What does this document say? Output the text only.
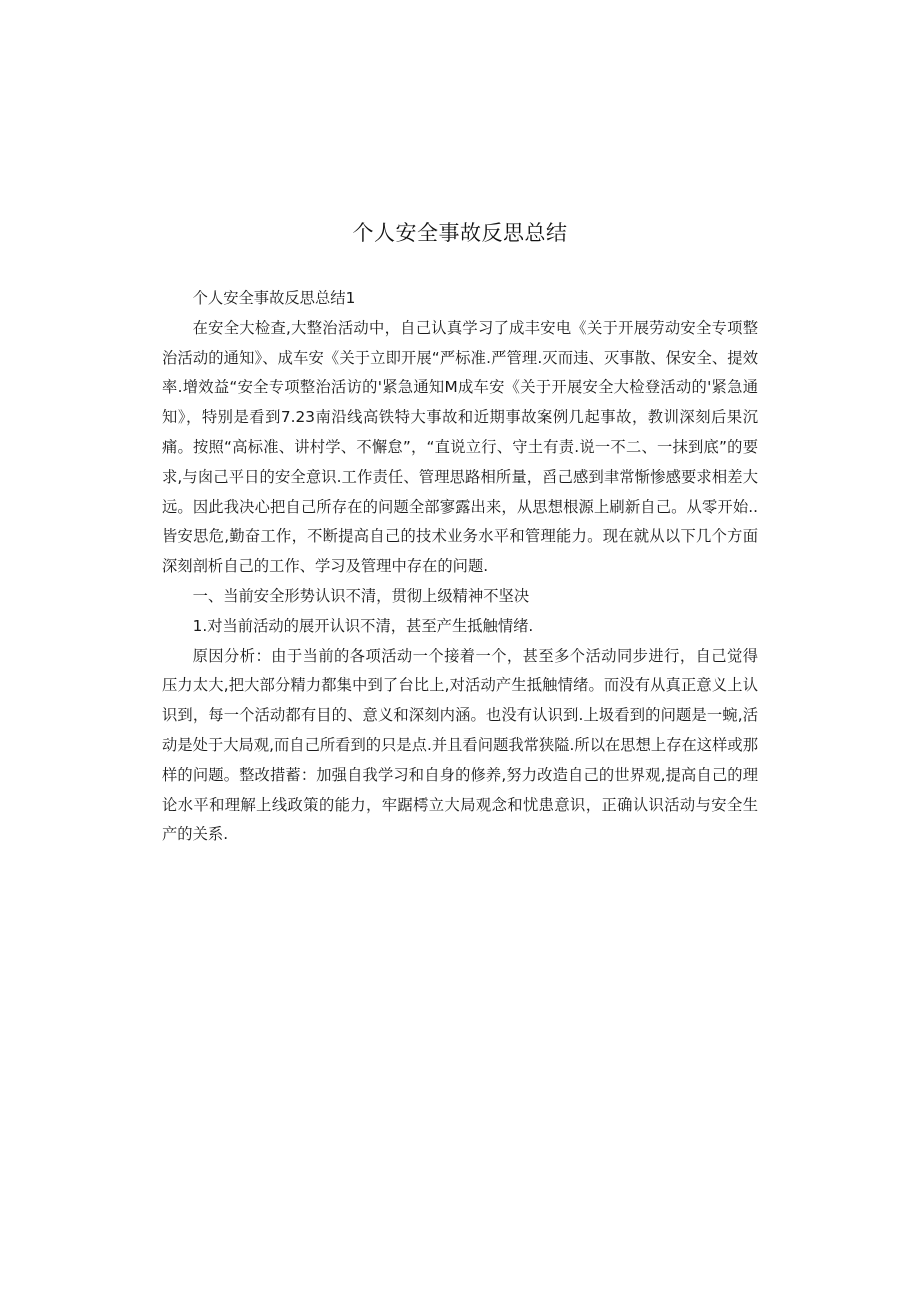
个人安全事故反思总结

个人安全事故反思总结1

在安全大检查,大整治活动中，自己认真学习了成丰安电《关于开展劳动安全专项整治活动的通知》、成车安《关于立即开展“严标准.严管理.灭而违、灭事散、保安全、提效率.增效益“安全专项整治活访的'紧急通知M成车安《关于开展安全大检登活动的'紧急通知》，特别是看到7.23南沿线高铁特大事故和近期事故案例几起事故，教训深刻后果沉痛。按照“高标准、讲村学、不懈怠”，“直说立行、守土有责.说一不二、一抹到底”的要求,与囱己平日的安全意识.工作责任、管理思路相所量，舀己感到聿常惭惨感要求相差大远。因此我决心把自己所存在的问题全部寥露出来，从思想根源上刷新自己。从零开始..皆安思危,勤奋工作，不断提高自己的技术业务水平和管理能力。现在就从以下几个方面深刻剖析自己的工作、学习及管理中存在的问题.

一、当前安全形势认识不清，贯彻上级精神不坚决

1.对当前活动的展开认识不清，甚至产生抵触情绪.

原因分析：由于当前的各项活动一个接着一个，甚至多个活动同步进行，自己觉得压力太大,把大部分精力都集中到了台比上,对活动产生抵触情绪。而没有从真正意义上认识到，每一个活动都有目的、意义和深刻内涵。也没有认识到.上圾看到的问题是一蜿,活动是处于大局观,而自己所看到的只是点.并且看问题我常狭隘.所以在思想上存在这样或那样的问题。整改措蓄：加强自我学习和自身的修养,努力改造自己的世界观,提高自己的理论水平和理解上线政策的能力，牢踞樗立大局观念和忧患意识，正确认识活动与安全生产的关系.
